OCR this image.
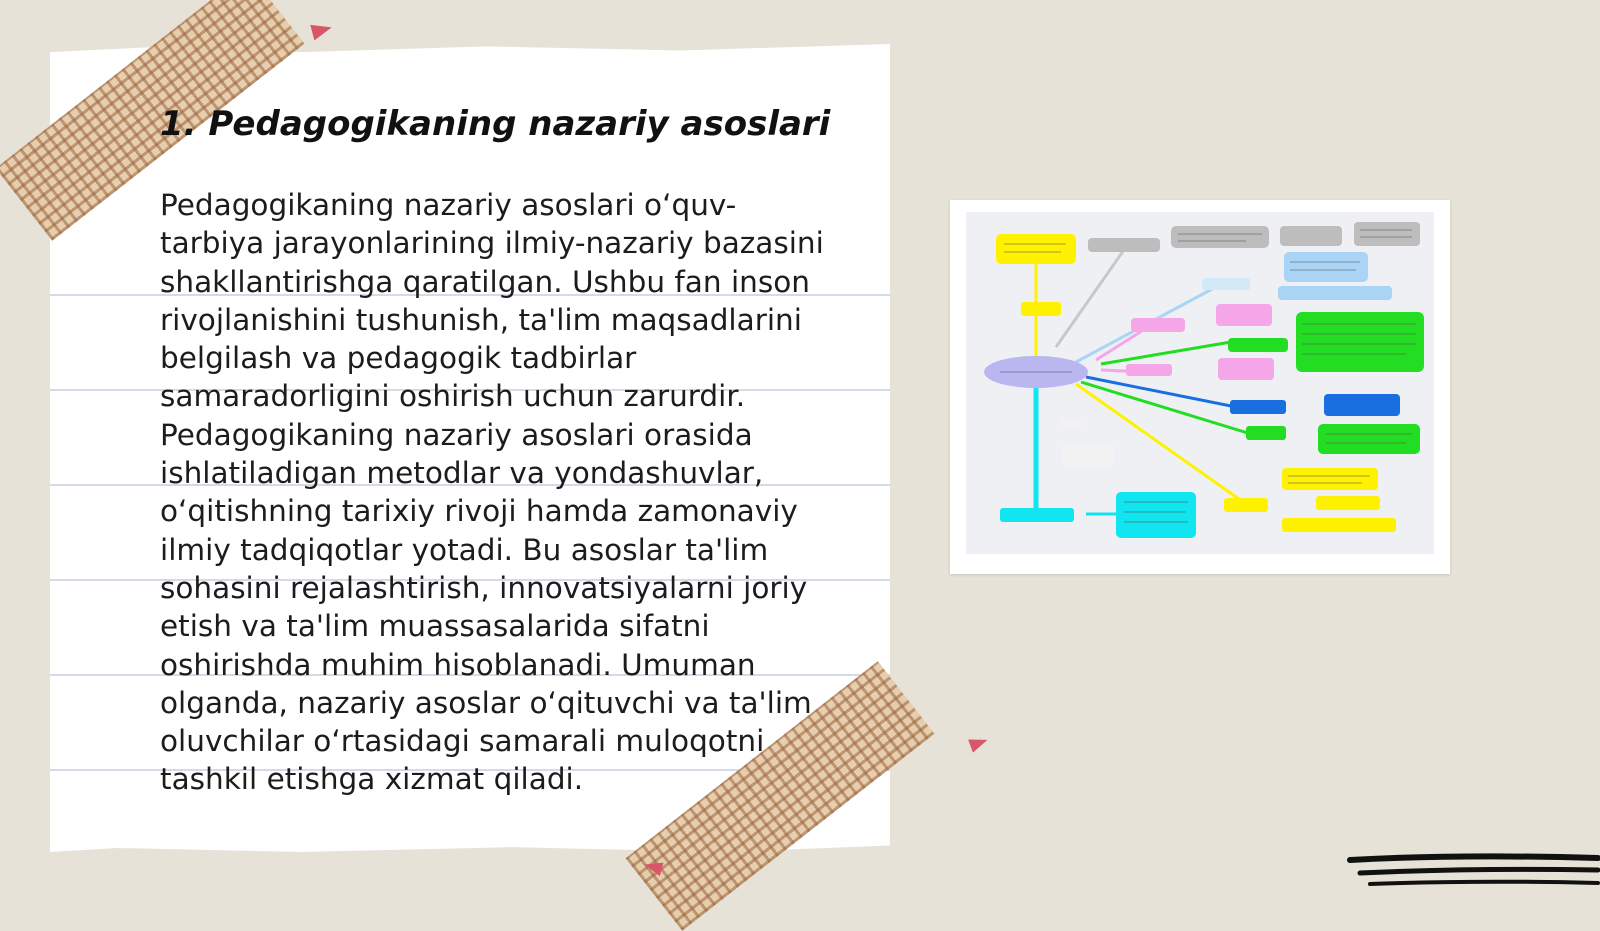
1. Pedagogikaning nazariy asoslari

Pedagogikaning nazariy asoslari oʻquv-tarbiya jarayonlarining ilmiy-nazariy bazasini shakllantirishga qaratilgan. Ushbu fan inson rivojlanishini tushunish, ta'lim maqsadlarini belgilash va pedagogik tadbirlar samaradorligini oshirish uchun zarurdir. Pedagogikaning nazariy asoslari orasida ishlatiladigan metodlar va yondashuvlar, oʻqitishning tarixiy rivoji hamda zamonaviy ilmiy tadqiqotlar yotadi. Bu asoslar ta'lim sohasini rejalashtirish, innovatsiyalarni joriy etish va ta'lim muassasalarida sifatni oshirishda muhim hisoblanadi. Umuman olganda, nazariy asoslar oʻqituvchi va ta'lim oluvchilar oʻrtasidagi samarali muloqotni tashkil etishga xizmat qiladi.
